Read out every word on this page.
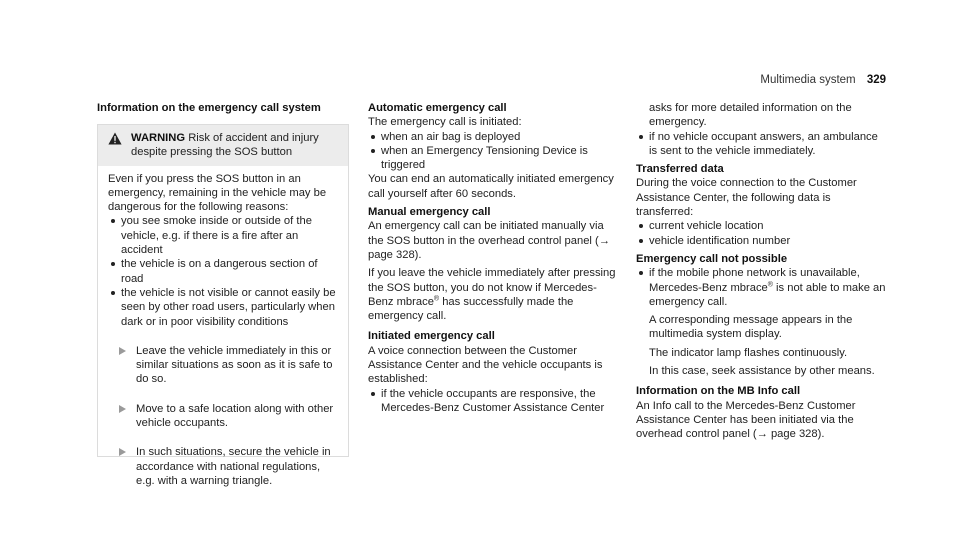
Multimedia system 329

Information on the emergency call system

WARNING Risk of accident and injury despite pressing the SOS button

Even if you press the SOS button in an emergency, remaining in the vehicle may be dangerous for the following reasons:

you see smoke inside or outside of the vehicle, e.g. if there is a fire after an accident
the vehicle is on a dangerous section of road
the vehicle is not visible or cannot easily be seen by other road users, particularly when dark or in poor visibility conditions
Leave the vehicle immediately in this or similar situations as soon as it is safe to do so.
Move to a safe location along with other vehicle occupants.
In such situations, secure the vehicle in accordance with national regulations, e.g. with a warning triangle.

Automatic emergency call

The emergency call is initiated:

when an air bag is deployed
when an Emergency Tensioning Device is triggered

You can end an automatically initiated emergency call yourself after 60 seconds.

Manual emergency call

An emergency call can be initiated manually via the SOS button in the overhead control panel (→ page 328).

If you leave the vehicle immediately after pressing the SOS button, you do not know if Mercedes-Benz mbrace® has successfully made the emergency call.

Initiated emergency call

A voice connection between the Customer Assistance Center and the vehicle occupants is established:

if the vehicle occupants are responsive, the Mercedes-Benz Customer Assistance Center

asks for more detailed information on the emergency.

if no vehicle occupant answers, an ambulance is sent to the vehicle immediately.

Transferred data

During the voice connection to the Customer Assistance Center, the following data is transferred:

current vehicle location
vehicle identification number

Emergency call not possible

if the mobile phone network is unavailable, Mercedes-Benz mbrace® is not able to make an emergency call.

A corresponding message appears in the multimedia system display.

The indicator lamp flashes continuously.

In this case, seek assistance by other means.

Information on the MB Info call

An Info call to the Mercedes-Benz Customer Assistance Center has been initiated via the overhead control panel (→ page 328).
